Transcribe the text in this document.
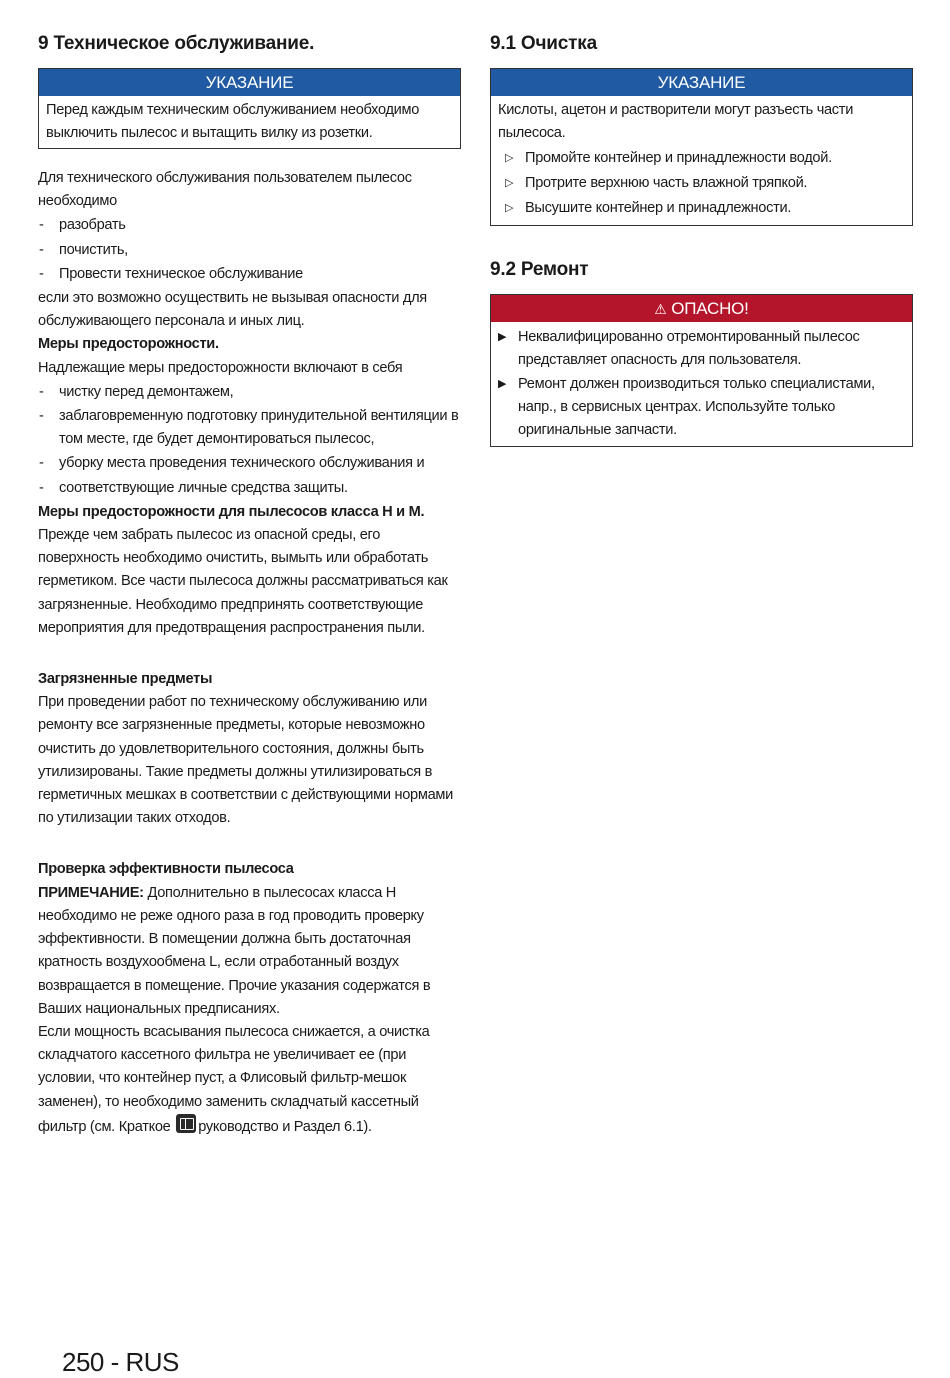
9 Техническое обслуживание.
УКАЗАНИЕ
Перед каждым техническим обслуживанием необходимо выключить пылесос и вытащить вилку из розетки.

Для технического обслуживания пользователем пылесос необходимо

- разобрать
- почистить,
- Провести техническое обслуживание

если это возможно осуществить не вызывая опасности для обслуживающего персонала и иных лиц.

Меры предосторожности.

Надлежащие меры предосторожности включают в себя

- чистку перед демонтажем,
- заблаговременную подготовку принудительной вентиляции в том месте, где будет демонтироваться пылесос,
- уборку места проведения технического обслуживания и
- соответствующие личные средства защиты.

Меры предосторожности для пылесосов класса H и M.

Прежде чем забрать пылесос из опасной среды, его поверхность необходимо очистить, вымыть или обработать герметиком. Все части пылесоса должны рассматриваться как загрязненные. Необходимо предпринять соответствующие мероприятия для предотвращения распространения пыли.

Загрязненные предметы

При проведении работ по техническому обслуживанию или ремонту все загрязненные предметы, которые невозможно очистить до удовлетворительного состояния, должны быть утилизированы. Такие предметы должны утилизироваться в герметичных мешках в соответствии с действующими нормами по утилизации таких отходов.

Проверка эффективности пылесоса

ПРИМЕЧАНИЕ: Дополнительно в пылесосах класса H необходимо не реже одного раза в год проводить проверку эффективности. В помещении должна быть достаточная кратность воздухообмена L, если отработанный воздух возвращается в помещение. Прочие указания содержатся в Ваших национальных предписаниях.

Если мощность всасывания пылесоса снижается, а очистка складчатого кассетного фильтра не увеличивает ее (при условии, что контейнер пуст, а Флисовый фильтр-мешок заменен), то необходимо заменить складчатый кассетный фильтр (см. Краткое руководство и Раздел 6.1).

9.1 Очистка
УКАЗАНИЕ
Кислоты, ацетон и растворители могут разъесть части пылесоса.
▷ Промойте контейнер и принадлежности водой.
▷ Протрите верхнюю часть влажной тряпкой.
▷ Высушите контейнер и принадлежности.
9.2 Ремонт
⚠ ОПАСНО!
▶ Неквалифицированно отремонтированный пылесос представляет опасность для пользователя.
▶ Ремонт должен производиться только специалистами, напр., в сервисных центрах. Используйте только оригинальные запчасти.
250 - RUS
